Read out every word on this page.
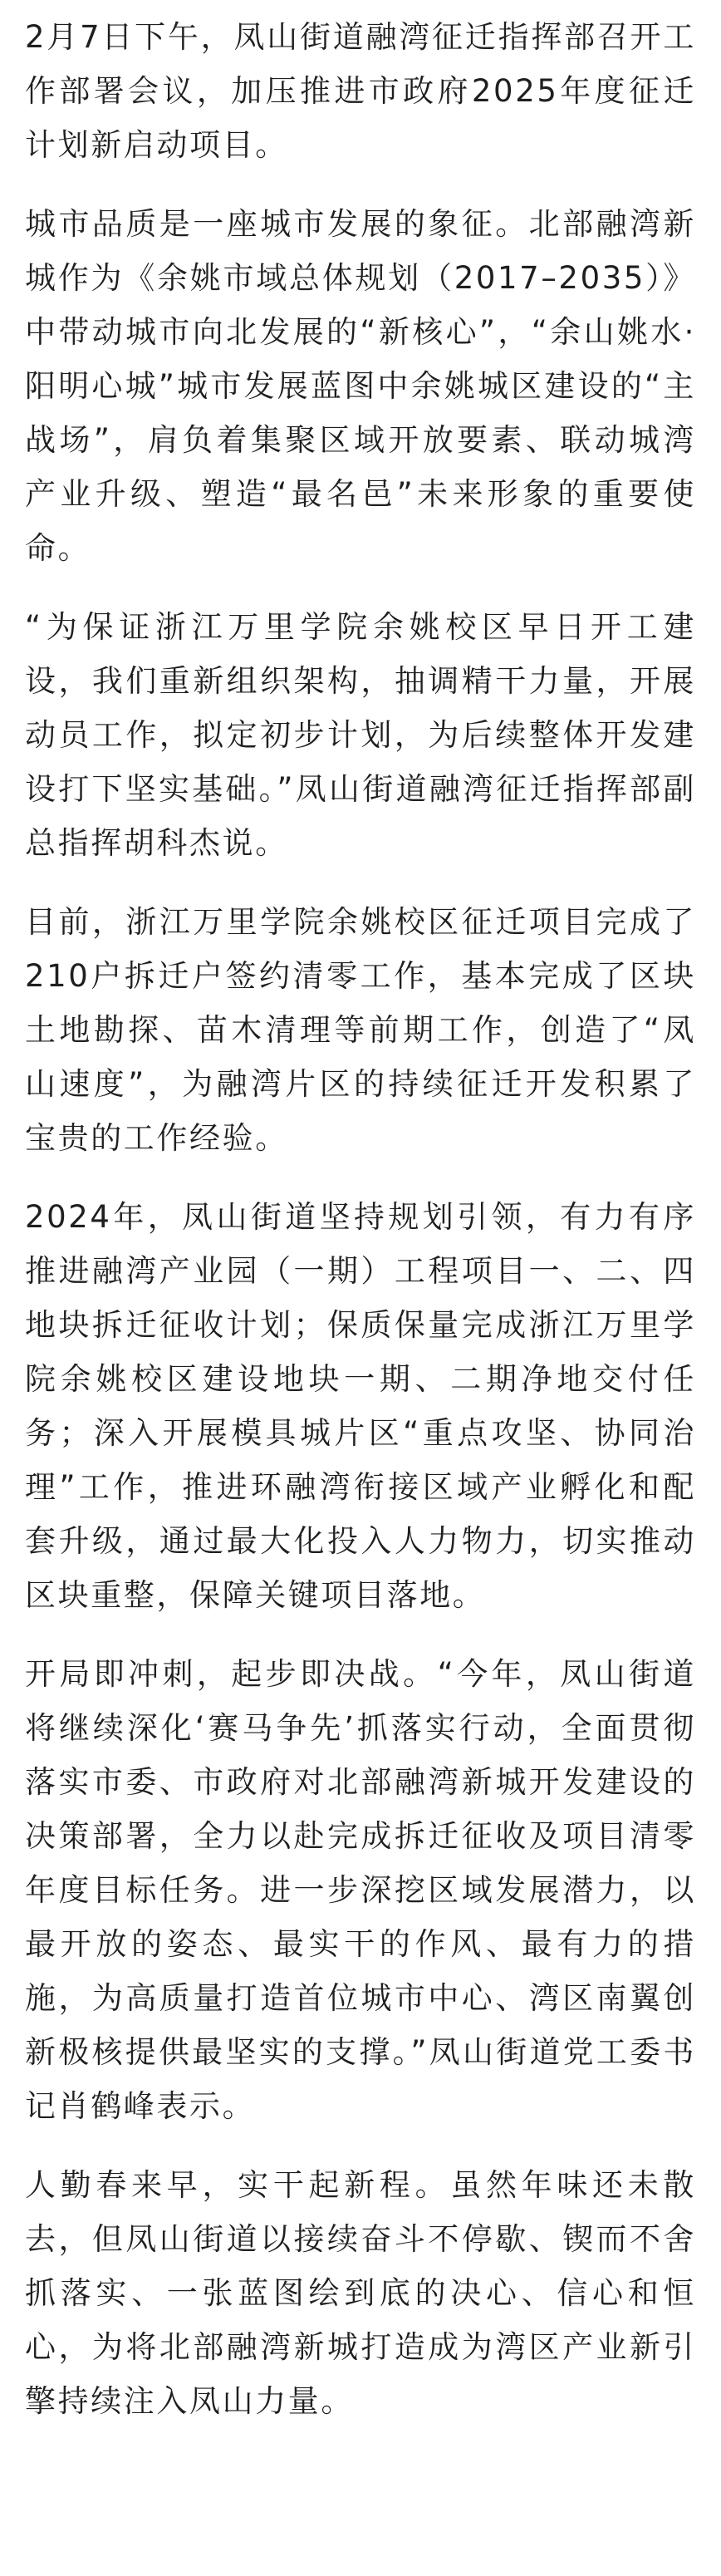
2月7日下午，凤山街道融湾征迁指挥部召开工作部署会议，加压推进市政府2025年度征迁计划新启动项目。

城市品质是一座城市发展的象征。北部融湾新城作为《余姚市域总体规划（2017–2035）》中带动城市向北发展的“新核心”，“余山姚水·阳明心城”城市发展蓝图中余姚城区建设的“主战场”，肩负着集聚区域开放要素、联动城湾产业升级、塑造“最名邑”未来形象的重要使命。

“为保证浙江万里学院余姚校区早日开工建设，我们重新组织架构，抽调精干力量，开展动员工作，拟定初步计划，为后续整体开发建设打下坚实基础。”凤山街道融湾征迁指挥部副总指挥胡科杰说。

目前，浙江万里学院余姚校区征迁项目完成了210户拆迁户签约清零工作，基本完成了区块土地勘探、苗木清理等前期工作，创造了“凤山速度”，为融湾片区的持续征迁开发积累了宝贵的工作经验。

2024年，凤山街道坚持规划引领，有力有序推进融湾产业园（一期）工程项目一、二、四地块拆迁征收计划；保质保量完成浙江万里学院余姚校区建设地块一期、二期净地交付任务；深入开展模具城片区“重点攻坚、协同治理”工作，推进环融湾衔接区域产业孵化和配套升级，通过最大化投入人力物力，切实推动区块重整，保障关键项目落地。

开局即冲刺，起步即决战。“今年，凤山街道将继续深化‘赛马争先’抓落实行动，全面贯彻落实市委、市政府对北部融湾新城开发建设的决策部署，全力以赴完成拆迁征收及项目清零年度目标任务。进一步深挖区域发展潜力，以最开放的姿态、最实干的作风、最有力的措施，为高质量打造首位城市中心、湾区南翼创新极核提供最坚实的支撑。”凤山街道党工委书记肖鹤峰表示。

人勤春来早，实干起新程。虽然年味还未散去，但凤山街道以接续奋斗不停歇、锲而不舍抓落实、一张蓝图绘到底的决心、信心和恒心，为将北部融湾新城打造成为湾区产业新引擎持续注入凤山力量。
